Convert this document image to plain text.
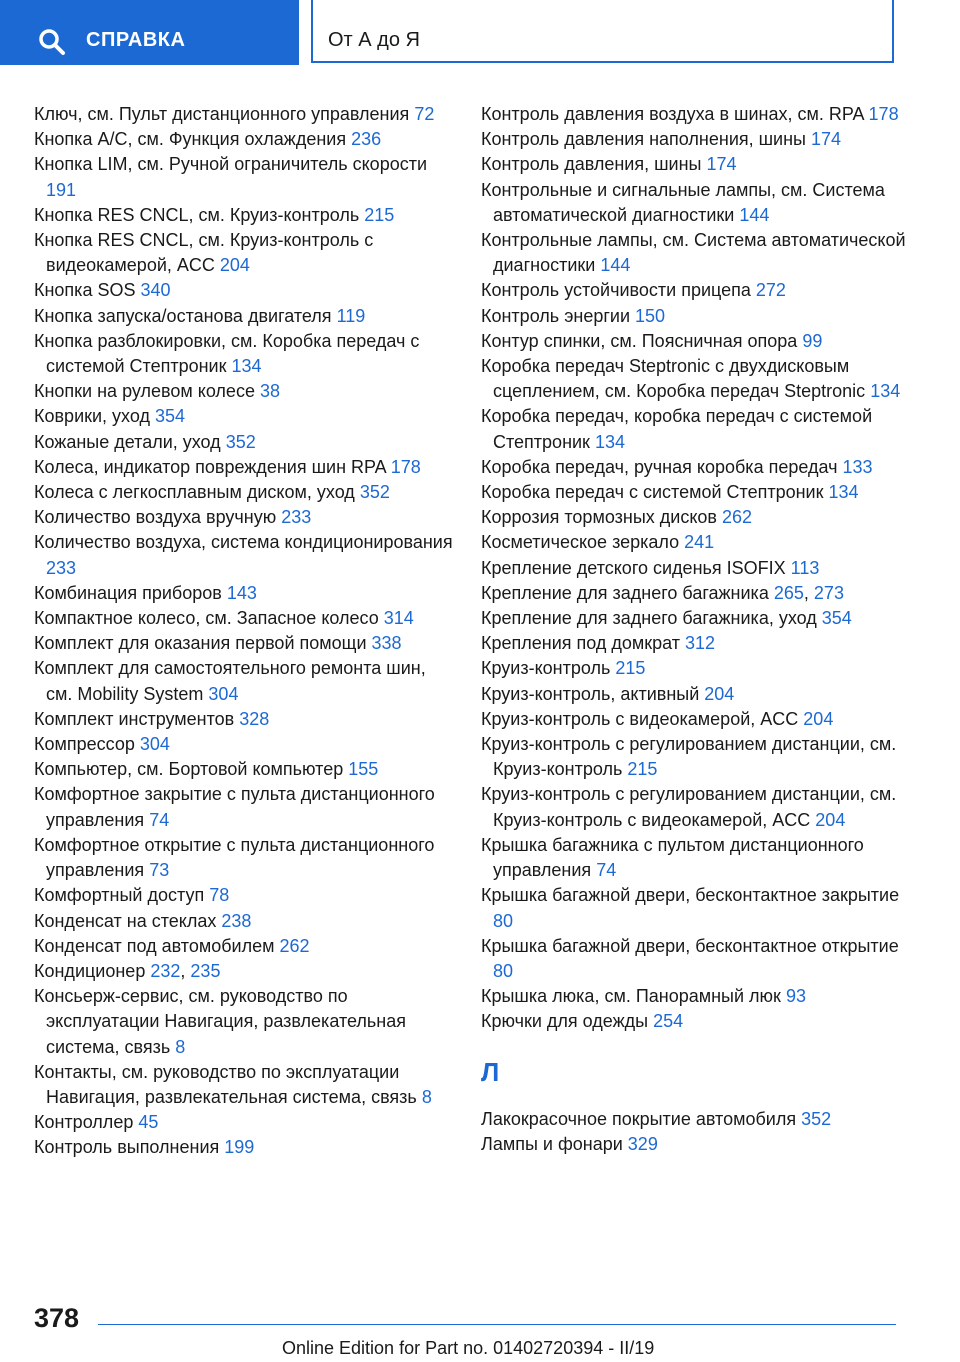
СПРАВКА	От А до Я
Ключ, см. Пульт дистанционного управления 72
Кнопка A/C, см. Функция охлаждения 236
Кнопка LIM, см. Ручной ограничитель скорости 191
Кнопка RES CNCL, см. Круиз-контроль 215
Кнопка RES CNCL, см. Круиз-контроль с видеокамерой, ACC 204
Кнопка SOS 340
Кнопка запуска/останова двигателя 119
Кнопка разблокировки, см. Коробка передач с системой Стептроник 134
Кнопки на рулевом колесе 38
Коврики, уход 354
Кожаные детали, уход 352
Колеса, индикатор повреждения шин RPA 178
Колеса с легкосплавным диском, уход 352
Количество воздуха вручную 233
Количество воздуха, система кондиционирования 233
Комбинация приборов 143
Компактное колесо, см. Запасное колесо 314
Комплект для оказания первой помощи 338
Комплект для самостоятельного ремонта шин, см. Mobility System 304
Комплект инструментов 328
Компрессор 304
Компьютер, см. Бортовой компьютер 155
Комфортное закрытие с пульта дистанционного управления 74
Комфортное открытие с пульта дистанционного управления 73
Комфортный доступ 78
Конденсат на стеклах 238
Конденсат под автомобилем 262
Кондиционер 232, 235
Консьерж-сервис, см. руководство по эксплуатации Навигация, развлекательная система, связь 8
Контакты, см. руководство по эксплуатации Навигация, развлекательная система, связь 8
Контроллер 45
Контроль выполнения 199
Контроль давления воздуха в шинах, см. RPA 178
Контроль давления наполнения, шины 174
Контроль давления, шины 174
Контрольные и сигнальные лампы, см. Система автоматической диагностики 144
Контрольные лампы, см. Система автоматической диагностики 144
Контроль устойчивости прицепа 272
Контроль энергии 150
Контур спинки, см. Поясничная опора 99
Коробка передач Steptronic с двухдисковым сцеплением, см. Коробка передач Steptronic 134
Коробка передач, коробка передач с системой Стептроник 134
Коробка передач, ручная коробка передач 133
Коробка передач с системой Стептроник 134
Коррозия тормозных дисков 262
Косметическое зеркало 241
Крепление детского сиденья ISOFIX 113
Крепление для заднего багажника 265, 273
Крепление для заднего багажника, уход 354
Крепления под домкрат 312
Круиз-контроль 215
Круиз-контроль, активный 204
Круиз-контроль с видеокамерой, ACC 204
Круиз-контроль с регулированием дистанции, см. Круиз-контроль 215
Круиз-контроль с регулированием дистанции, см. Круиз-контроль с видеокамерой, ACC 204
Крышка багажника с пультом дистанционного управления 74
Крышка багажной двери, бесконтактное закрытие 80
Крышка багажной двери, бесконтактное открытие 80
Крышка люка, см. Панорамный люк 93
Крючки для одежды 254
Л
Лакокрасочное покрытие автомобиля 352
Лампы и фонари 329
378
Online Edition for Part no. 01402720394 - II/19
